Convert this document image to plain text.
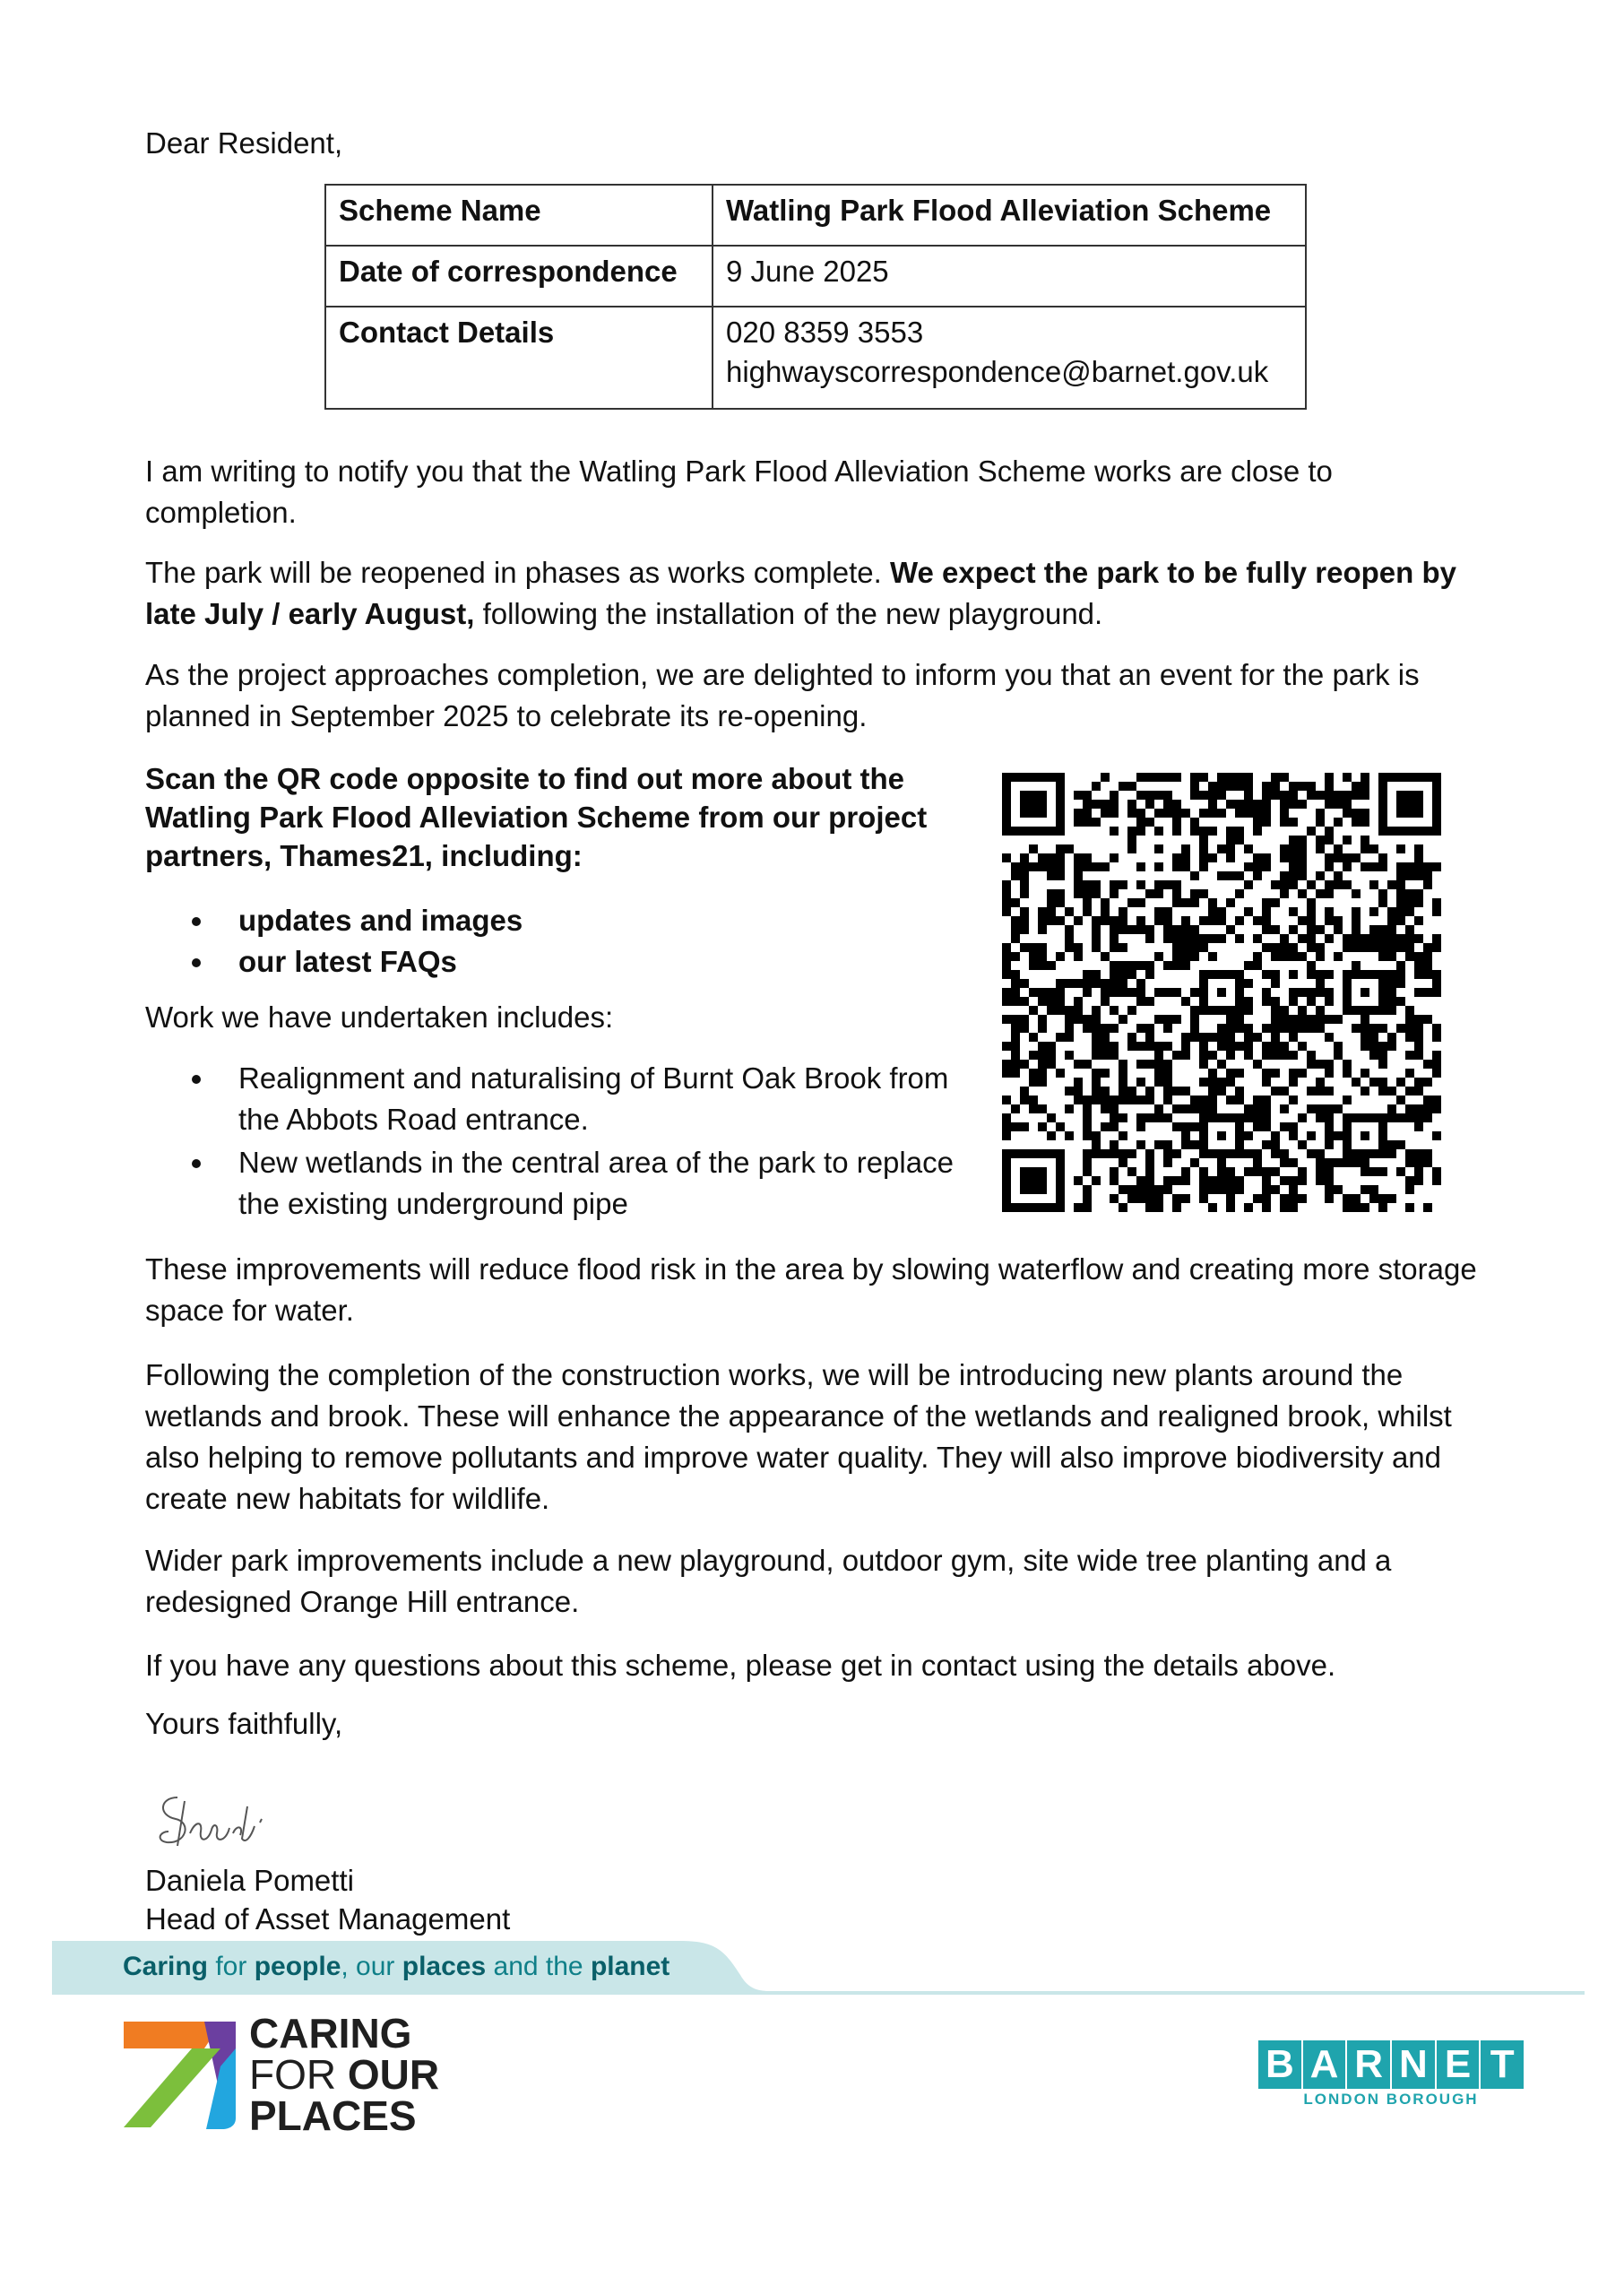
Dear Resident,
Scheme Name	Watling Park Flood Alleviation Scheme
Date of correspondence	9 June 2025
Contact Details	020 8359 3553
highwayscorrespondence@barnet.gov.uk

I am writing to notify you that the Watling Park Flood Alleviation Scheme works are close to completion.

The park will be reopened in phases as works complete. We expect the park to be fully reopen by late July / early August, following the installation of the new playground.

As the project approaches completion, we are delighted to inform you that an event for the park is planned in September 2025 to celebrate its re-opening.

Scan the QR code opposite to find out more about the Watling Park Flood Alleviation Scheme from our project partners, Thames21, including:

updates and images
our latest FAQs

Work we have undertaken includes:

Realignment and naturalising of Burnt Oak Brook from the Abbots Road entrance.
New wetlands in the central area of the park to replace the existing underground pipe

These improvements will reduce flood risk in the area by slowing waterflow and creating more storage space for water.

Following the completion of the construction works, we will be introducing new plants around the wetlands and brook. These will enhance the appearance of the wetlands and realigned brook, whilst also helping to remove pollutants and improve water quality. They will also improve biodiversity and create new habitats for wildlife.

Wider park improvements include a new playground, outdoor gym, site wide tree planting and a redesigned Orange Hill entrance.

If you have any questions about this scheme, please get in contact using the details above.

Yours faithfully,

Daniela Pometti

Head of Asset Management

Caring for people, our places and the planet
CARING
FOR OUR
PLACES
B A R N E T
LONDON BOROUGH
